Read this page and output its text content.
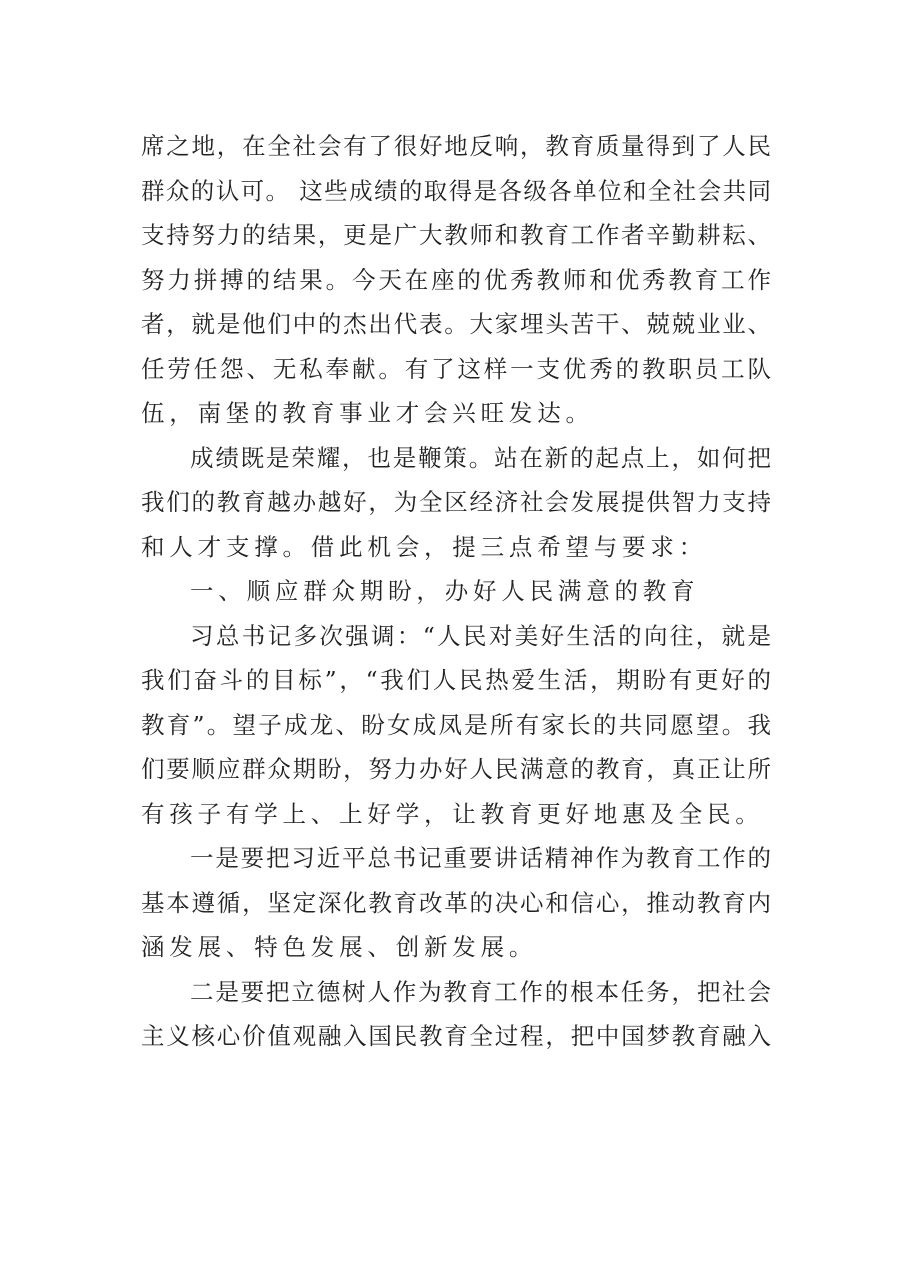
席之地，在全社会有了很好地反响，教育质量得到了人民
群众的认可。 这些成绩的取得是各级各单位和全社会共同
支持努力的结果，更是广大教师和教育工作者辛勤耕耘、
努力拼搏的结果。今天在座的优秀教师和优秀教育工作
者，就是他们中的杰出代表。大家埋头苦干、兢兢业业、
任劳任怨、无私奉献。有了这样一支优秀的教职员工队
伍，南堡的教育事业才会兴旺发达。
成绩既是荣耀，也是鞭策。站在新的起点上，如何把
我们的教育越办越好，为全区经济社会发展提供智力支持
和人才支撑。借此机会，提三点希望与要求：
一、顺应群众期盼，办好人民满意的教育
习总书记多次强调：“人民对美好生活的向往，就是
我们奋斗的目标”，“我们人民热爱生活，期盼有更好的
教育”。望子成龙、盼女成凤是所有家长的共同愿望。我
们要顺应群众期盼，努力办好人民满意的教育，真正让所
有孩子有学上、上好学，让教育更好地惠及全民。
一是要把习近平总书记重要讲话精神作为教育工作的
基本遵循，坚定深化教育改革的决心和信心，推动教育内
涵发展、特色发展、创新发展。
二是要把立德树人作为教育工作的根本任务，把社会
主义核心价值观融入国民教育全过程，把中国梦教育融入
